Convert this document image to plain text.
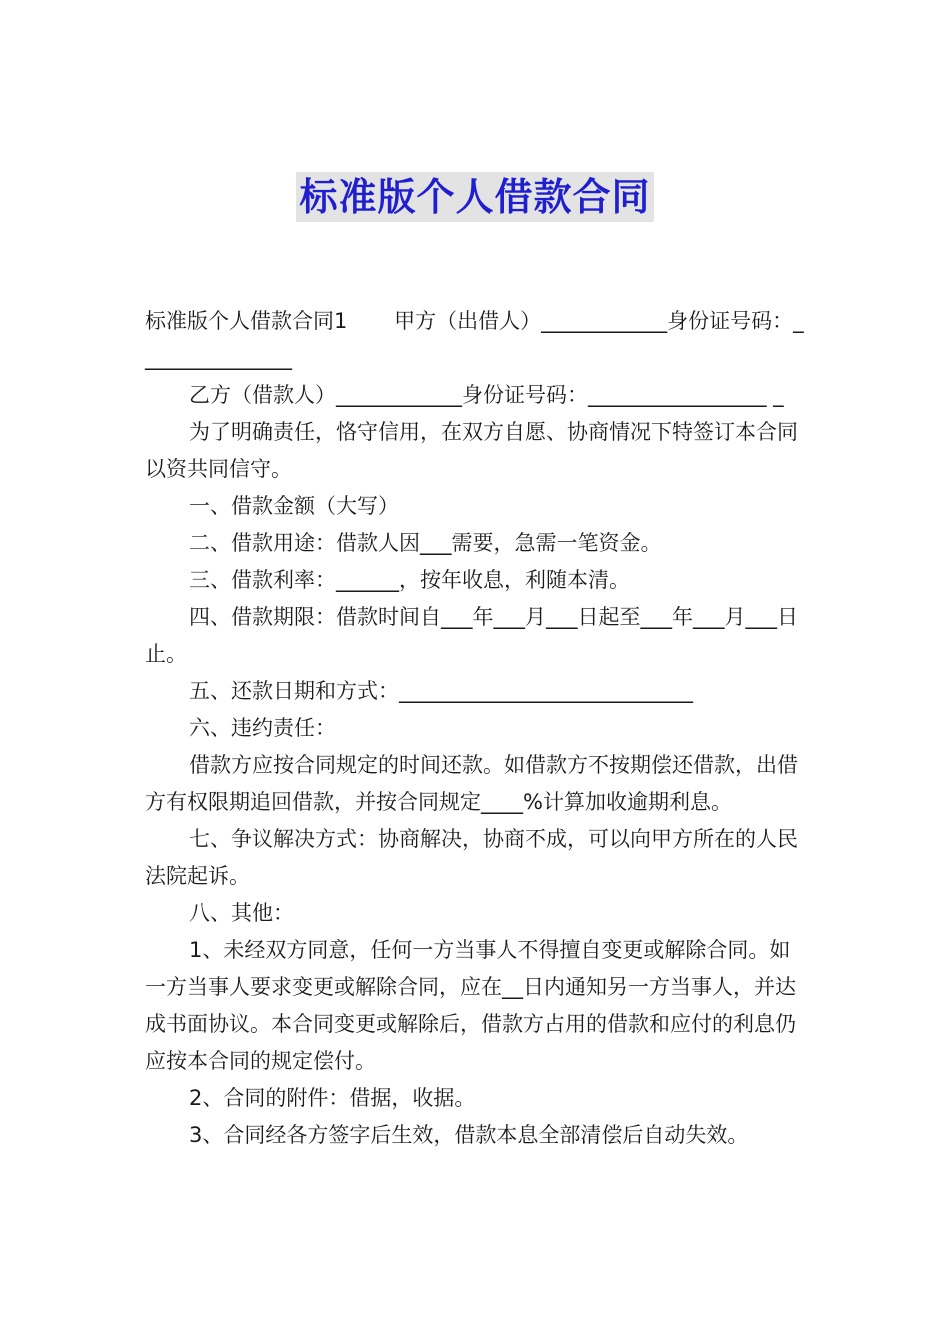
标准版个人借款合同

标准版个人借款合同1       甲方（出借人）____________身份证号码：_______________

乙方（借款人）____________身份证号码：_________________ _

为了明确责任，恪守信用，在双方自愿、协商情况下特签订本合同以资共同信守。

一、借款金额（大写）

二、借款用途：借款人因___需要，急需一笔资金。

三、借款利率：______，按年收息，利随本清。

四、借款期限：借款时间自___年___月___日起至___年___月___日止。

五、还款日期和方式：____________________________

六、违约责任：

借款方应按合同规定的时间还款。如借款方不按期偿还借款，出借方有权限期追回借款，并按合同规定____%计算加收逾期利息。

七、争议解决方式：协商解决，协商不成，可以向甲方所在的人民法院起诉。

八、其他：

1、未经双方同意，任何一方当事人不得擅自变更或解除合同。如一方当事人要求变更或解除合同，应在__日内通知另一方当事人，并达成书面协议。本合同变更或解除后，借款方占用的借款和应付的利息仍应按本合同的规定偿付。

2、合同的附件：借据，收据。

3、合同经各方签字后生效，借款本息全部清偿后自动失效。
